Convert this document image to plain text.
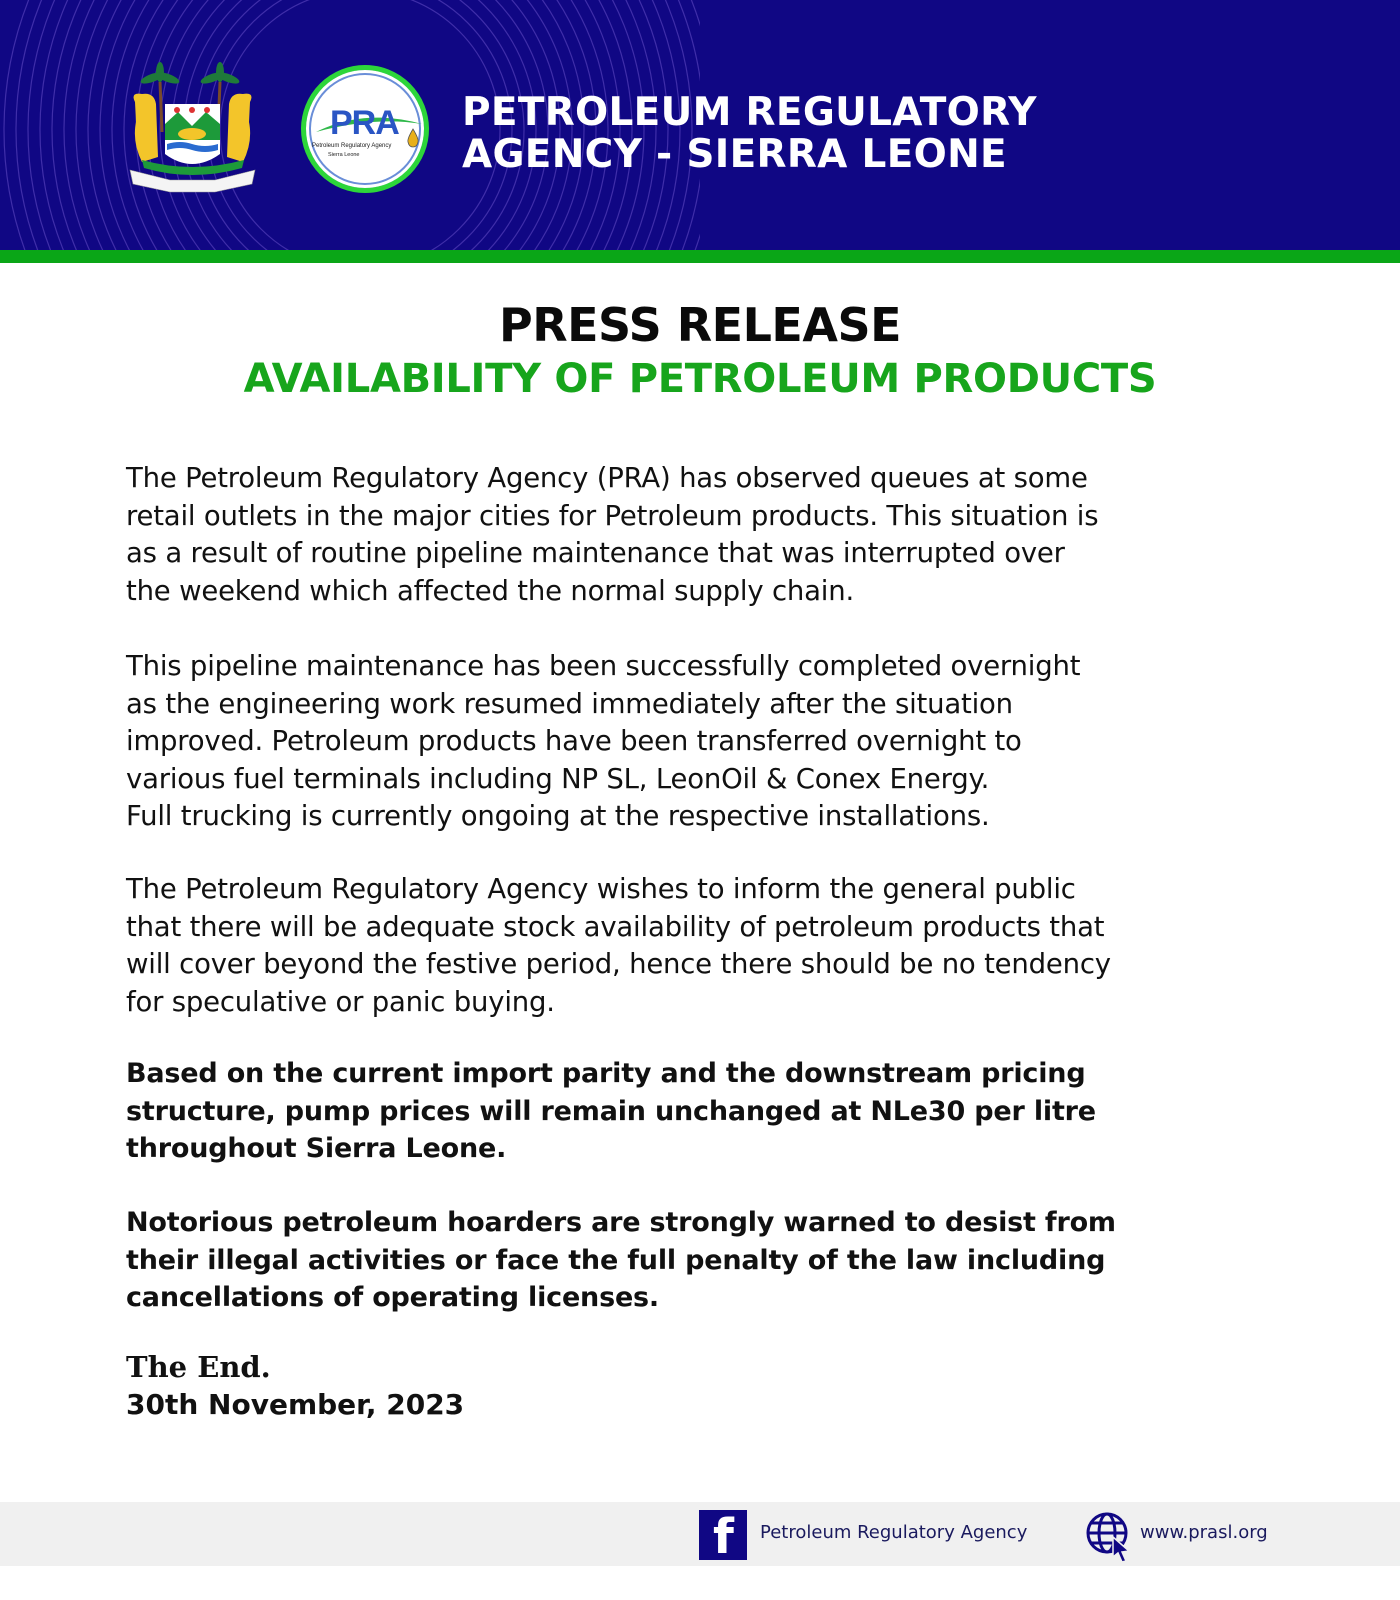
PRA
Petroleum Regulatory Agency
Sierra Leone
PETROLEUM REGULATORY
AGENCY - SIERRA LEONE
PRESS RELEASE
AVAILABILITY OF PETROLEUM PRODUCTS
The Petroleum Regulatory Agency (PRA) has observed queues at some
retail outlets in the major cities for Petroleum products. This situation is
as a result of routine pipeline maintenance that was interrupted over
the weekend which affected the normal supply chain.
This pipeline maintenance has been successfully completed overnight
as the engineering work resumed immediately after the situation
improved. Petroleum products have been transferred overnight to
various fuel terminals including NP SL, LeonOil & Conex Energy.
Full trucking is currently ongoing at the respective installations.
The Petroleum Regulatory Agency wishes to inform the general public
that there will be adequate stock availability of petroleum products that
will cover beyond the festive period, hence there should be no tendency
for speculative or panic buying.
Based on the current import parity and the downstream pricing
structure, pump prices will remain unchanged at NLe30 per litre
throughout Sierra Leone.
Notorious petroleum hoarders are strongly warned to desist from
their illegal activities or face the full penalty of the law including
cancellations of operating licenses.
The End.
30th November, 2023
f Petroleum Regulatory Agency	www.prasl.org
